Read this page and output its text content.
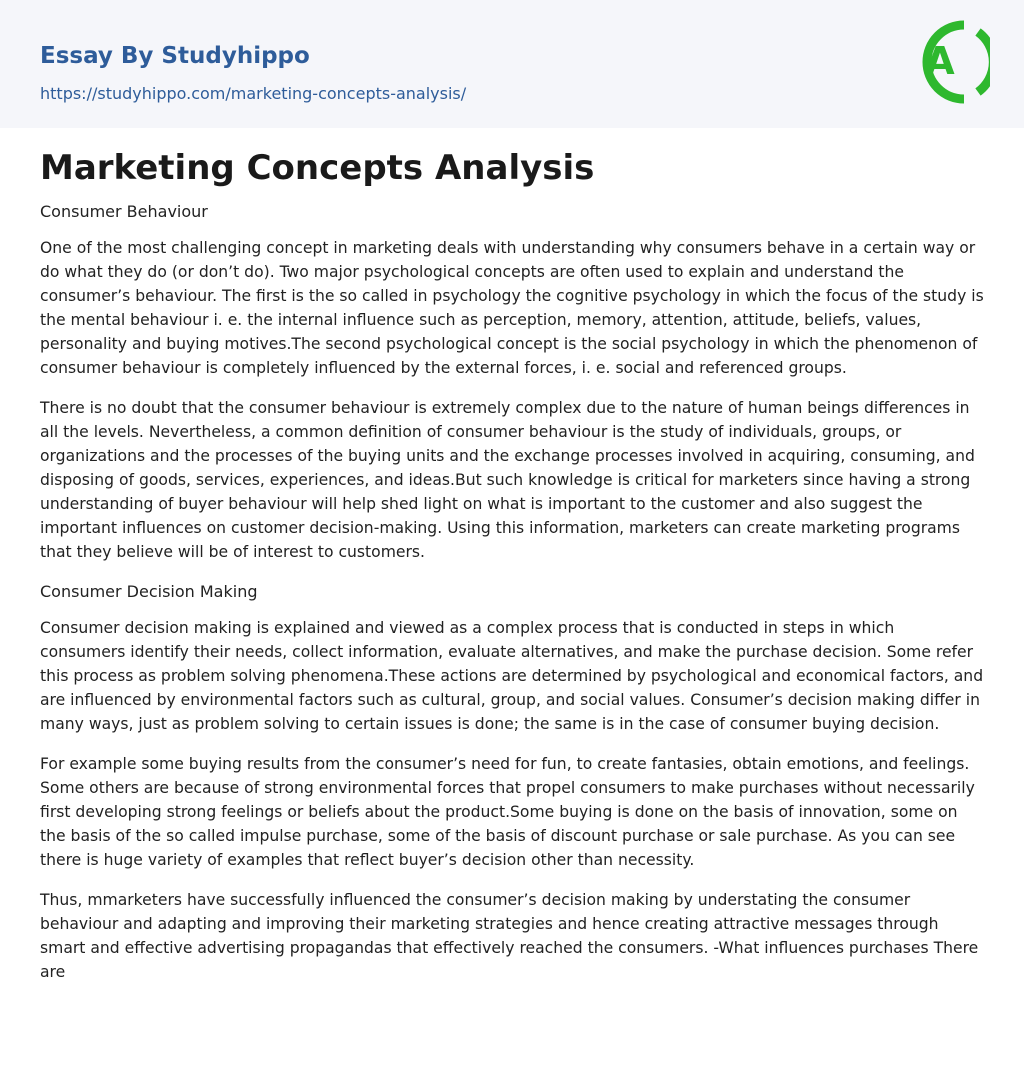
Essay By Studyhippo
https://studyhippo.com/marketing-concepts-analysis/
A
Marketing Concepts Analysis

Consumer Behaviour

One of the most challenging concept in marketing deals with understanding why consumers behave in a certain way or do what they do (or don’t do). Two major psychological concepts are often used to explain and understand the consumer’s behaviour. The first is the so called in psychology the cognitive psychology in which the focus of the study is the mental behaviour i. e. the internal influence such as perception, memory, attention, attitude, beliefs, values, personality and buying motives.The second psychological concept is the social psychology in which the phenomenon of consumer behaviour is completely influenced by the external forces, i. e. social and referenced groups.

There is no doubt that the consumer behaviour is extremely complex due to the nature of human beings differences in all the levels. Nevertheless, a common definition of consumer behaviour is the study of individuals, groups, or organizations and the processes of the buying units and the exchange processes involved in acquiring, consuming, and disposing of goods, services, experiences, and ideas.But such knowledge is critical for marketers since having a strong understanding of buyer behaviour will help shed light on what is important to the customer and also suggest the important influences on customer decision-making. Using this information, marketers can create marketing programs that they believe will be of interest to customers.

Consumer Decision Making

Consumer decision making is explained and viewed as a complex process that is conducted in steps in which consumers identify their needs, collect information, evaluate alternatives, and make the purchase decision. Some refer this process as problem solving phenomena.These actions are determined by psychological and economical factors, and are influenced by environmental factors such as cultural, group, and social values. Consumer’s decision making differ in many ways, just as problem solving to certain issues is done; the same is in the case of consumer buying decision.

For example some buying results from the consumer’s need for fun, to create fantasies, obtain emotions, and feelings. Some others are because of strong environmental forces that propel consumers to make purchases without necessarily first developing strong feelings or beliefs about the product.Some buying is done on the basis of innovation, some on the basis of the so called impulse purchase, some of the basis of discount purchase or sale purchase. As you can see there is huge variety of examples that reflect buyer’s decision other than necessity.

Thus, mmarketers have successfully influenced the consumer’s decision making by understating the consumer behaviour and adapting and improving their marketing strategies and hence creating attractive messages through smart and effective advertising propagandas that effectively reached the consumers. -What influences purchases There are
